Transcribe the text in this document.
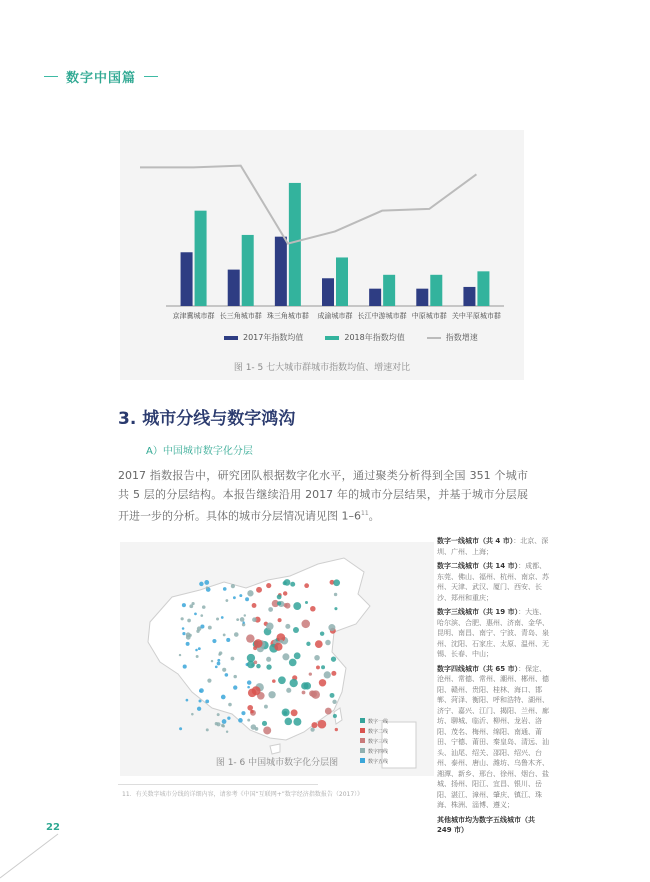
数字中国篇
京津冀城市群 长三角城市群 珠三角城市群 成渝城市群 长江中游城市群 中原城市群 关中平原城市群
2017年指数均值	2018年指数均值	指数增速
图 1- 5 七大城市群城市指数均值、增速对比
3. 城市分线与数字鸿沟
A）中国城市数字化分层
2017 指数报告中，研究团队根据数字化水平，通过聚类分析得到全国 351 个城市共 5 层的分层结构。本报告继续沿用 2017 年的城市分层结果，并基于城市分层展开进一步的分析。具体的城市分层情况请见图 $1-6^{11}$。
数字一线
数字二线
数字三线
数字四线
数字五线
图 1- 6 中国城市数字化分层图
数字一线城市（共 4 市）：北京、深圳、广州、上海；
数字二线城市（共 14 市）：成都、东莞、佛山、福州、杭州、南京、苏州、天津、武汉、厦门、西安、长沙、郑州和重庆；
数字三线城市（共 19 市）：大连、哈尔滨、合肥、惠州、济南、金华、昆明、南昌、南宁、宁波、青岛、泉州、沈阳、石家庄、太原、温州、无锡、长春、中山；
数字四线城市（共 65 市）：保定、沧州、常德、常州、潮州、郴州、德阳、赣州、贵阳、桂林、海口、邯郸、菏泽、衡阳、呼和浩特、湖州、济宁、嘉兴、江门、揭阳、兰州、廊坊、聊城、临沂、柳州、龙岩、洛阳、茂名、梅州、绵阳、南通、莆田、宁德、莆田、秦皇岛、清远、汕头、汕尾、绍关、邵阳、绍兴、台州、泰州、唐山、潍坊、乌鲁木齐、湘潭、新乡、邢台、徐州、烟台、盐城、扬州、阳江、宜昌、银川、岳阳、湛江、漳州、肇庆、镇江、珠海、株洲、淄博、遵义；
其他城市均为数字五线城市（共 249 市）
11．有关数字城市分线的详细内容，请参考《中国“互联网+”数字经济指数报告（2017）》
22
